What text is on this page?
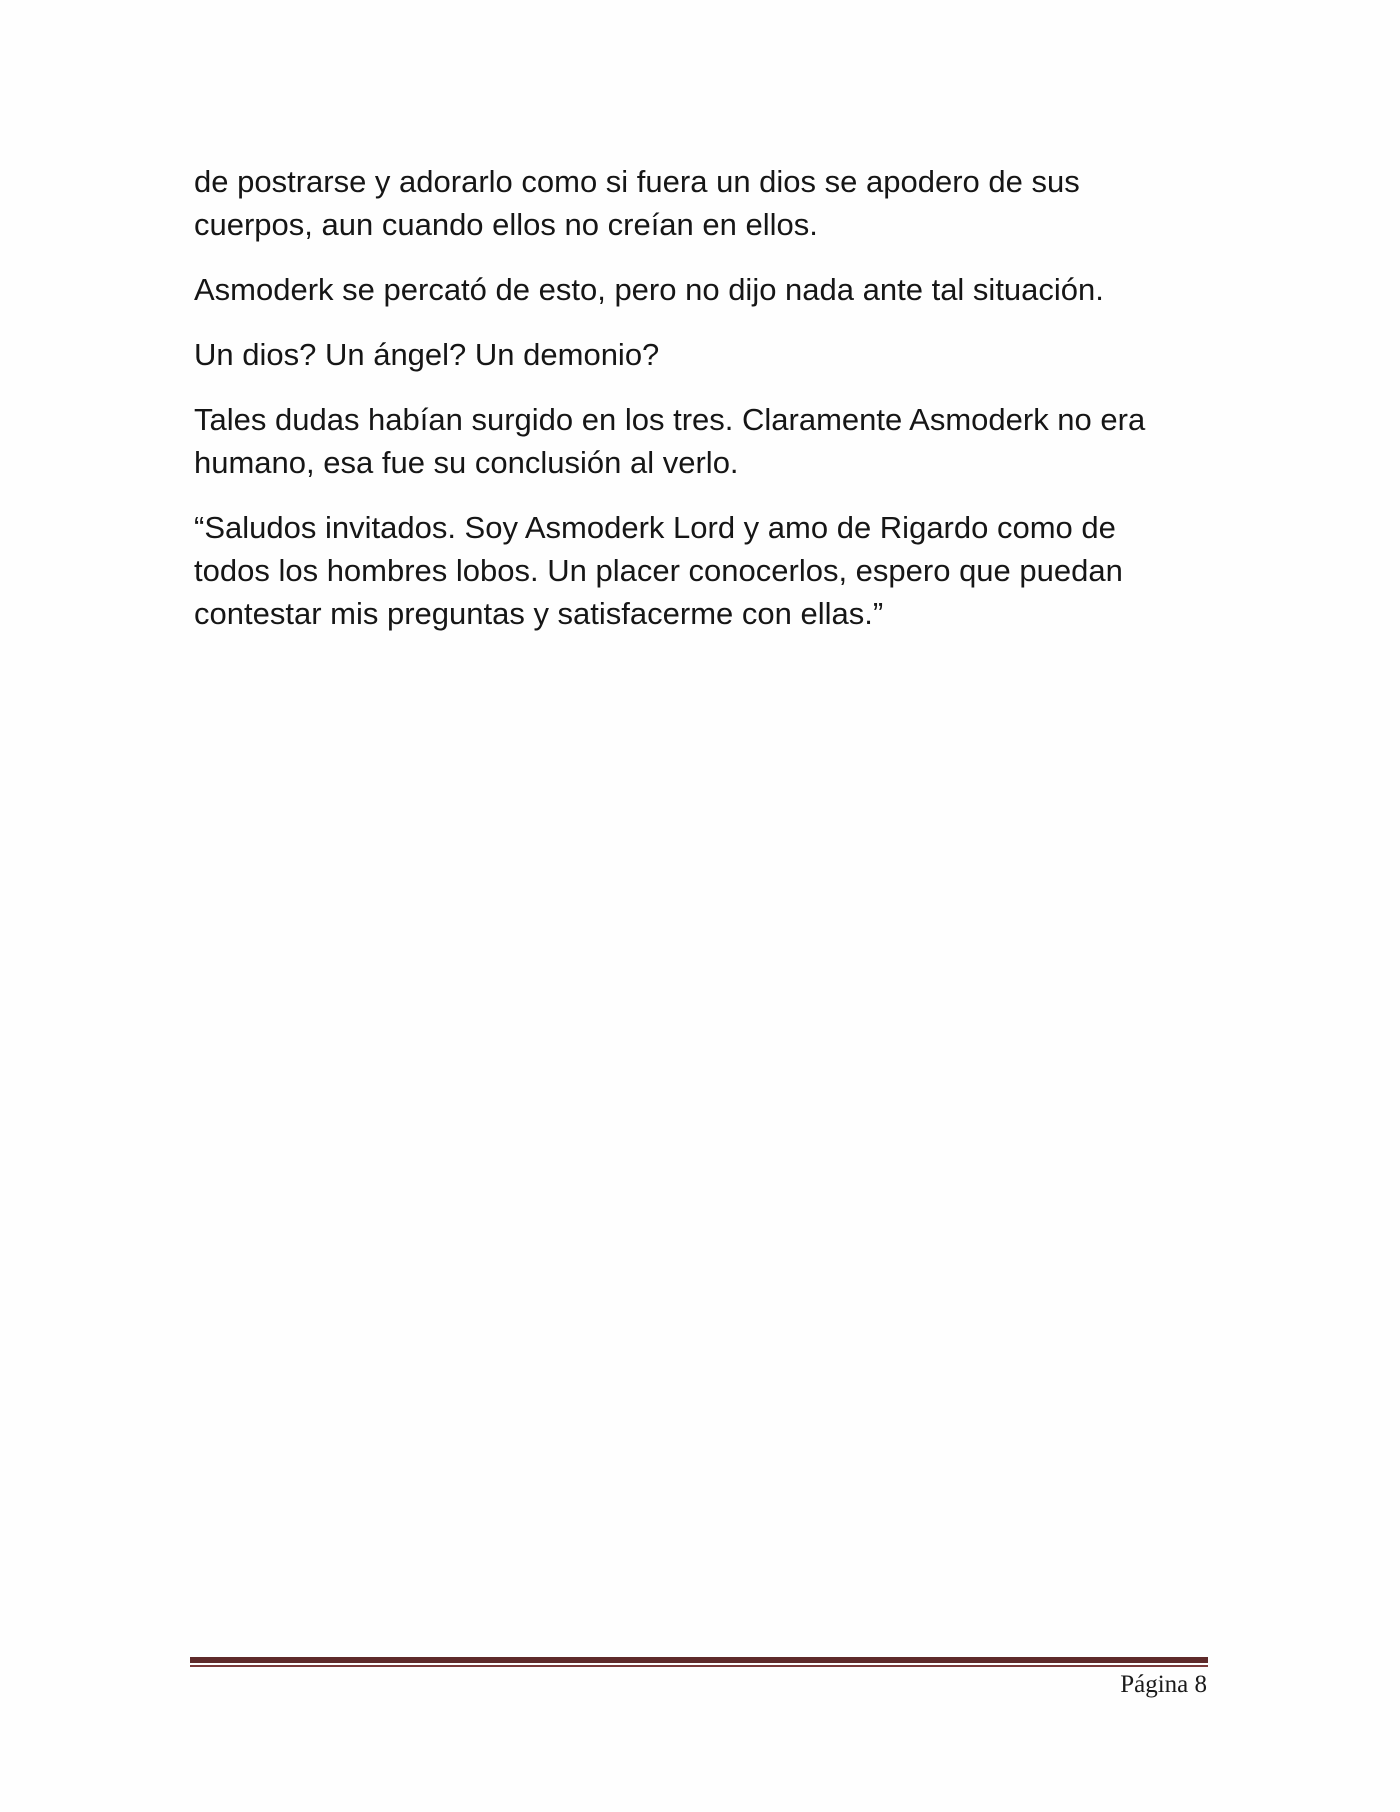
de postrarse y adorarlo como si fuera un dios se apodero de sus
cuerpos, aun cuando ellos no creían en ellos.

Asmoderk se percató de esto, pero no dijo nada ante tal situación.

Un dios? Un ángel? Un demonio?

Tales dudas habían surgido en los tres. Claramente Asmoderk no era
humano, esa fue su conclusión al verlo.

“Saludos invitados. Soy Asmoderk Lord y amo de Rigardo como de
todos los hombres lobos. Un placer conocerlos, espero que puedan
contestar mis preguntas y satisfacerme con ellas.”

Página 8
